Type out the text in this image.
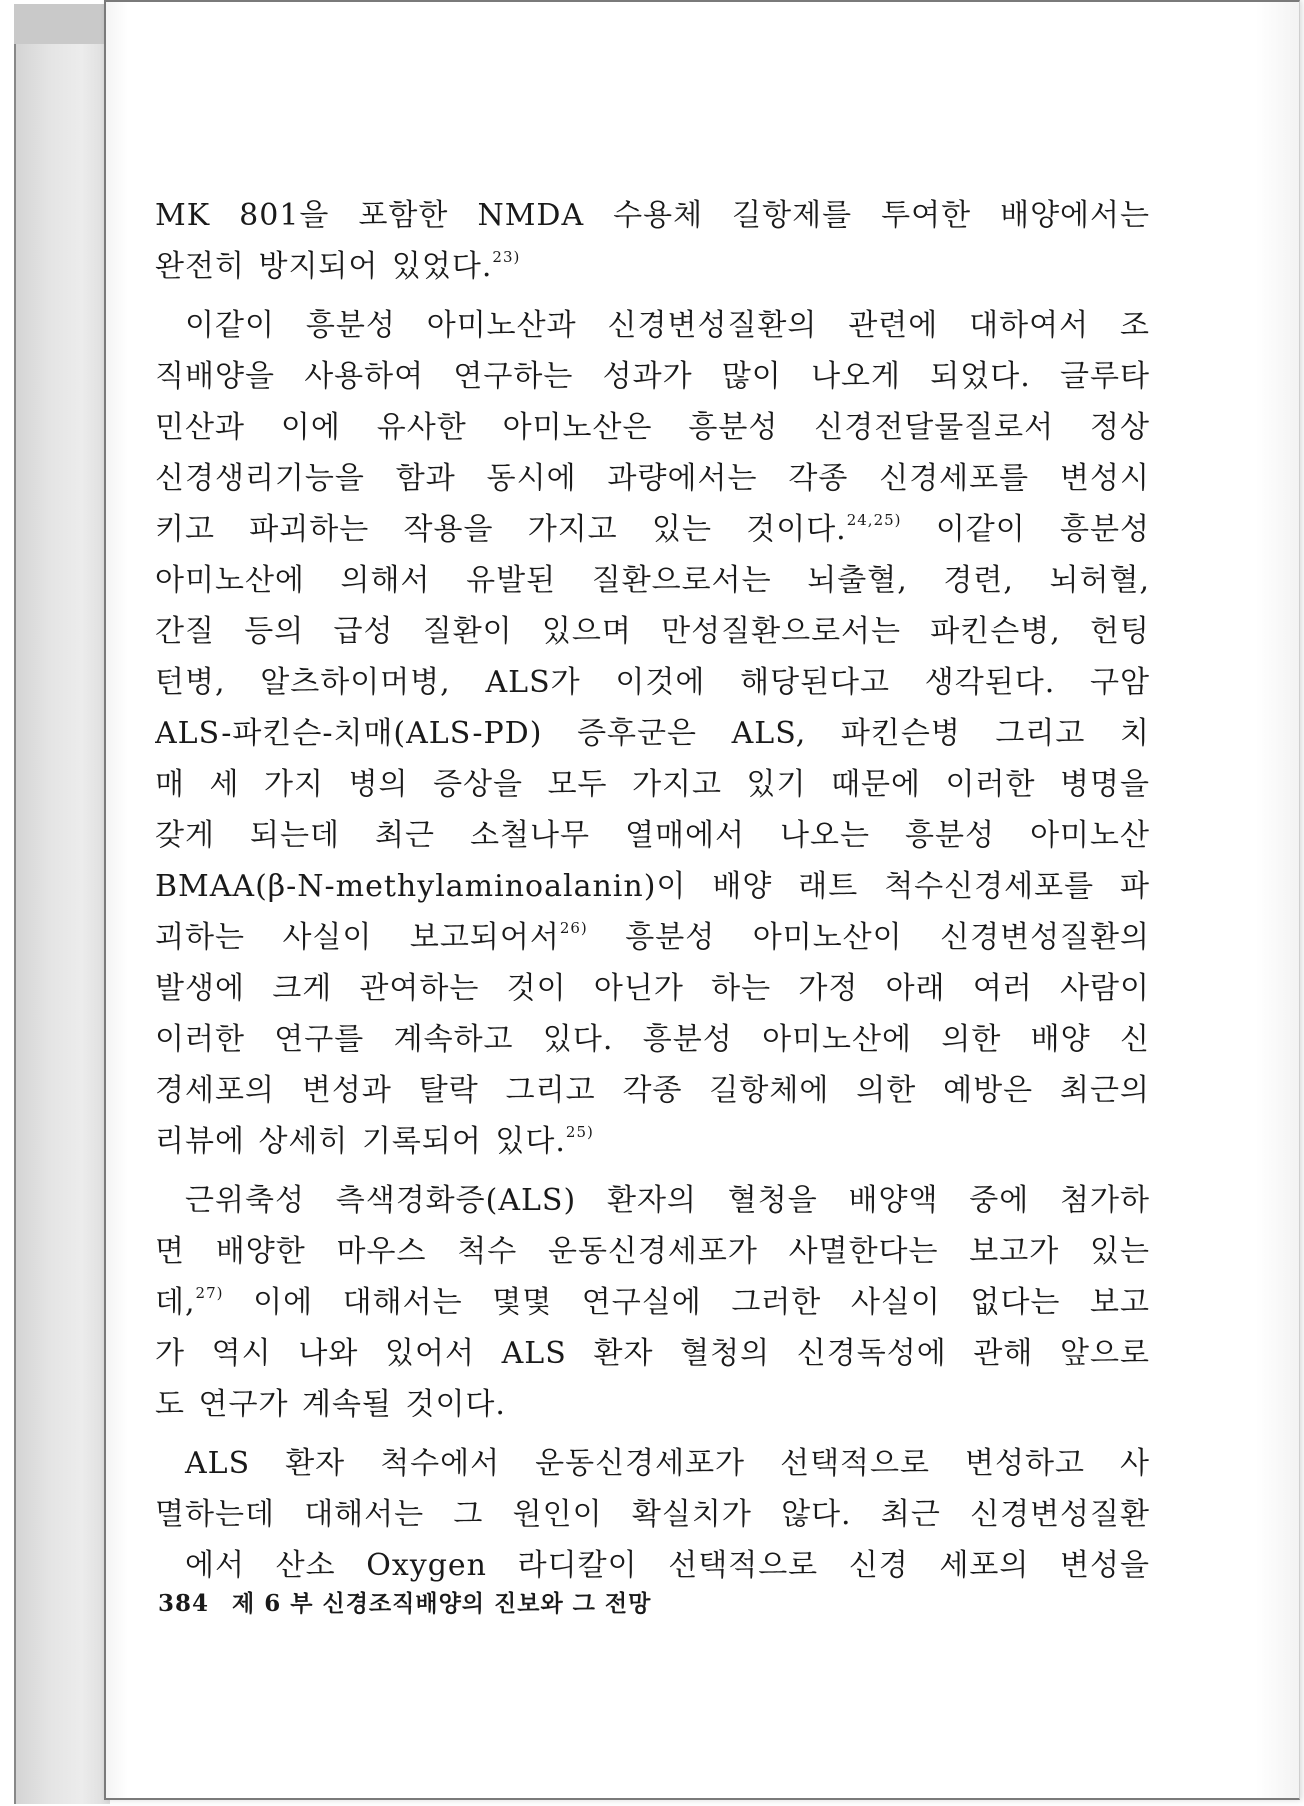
MK 801을 포함한 NMDA 수용체 길항제를 투여한 배양에서는
완전히 방지되어 있었다.$^{23)}$
이같이 흥분성 아미노산과 신경변성질환의 관련에 대하여서 조
직배양을 사용하여 연구하는 성과가 많이 나오게 되었다. 글루타
민산과 이에 유사한 아미노산은 흥분성 신경전달물질로서 정상
신경생리기능을 함과 동시에 과량에서는 각종 신경세포를 변성시
키고 파괴하는 작용을 가지고 있는 것이다.$^{24,25)}$ 이같이 흥분성
아미노산에 의해서 유발된 질환으로서는 뇌출혈, 경련, 뇌허혈,
간질 등의 급성 질환이 있으며 만성질환으로서는 파킨슨병, 헌팅
턴병, 알츠하이머병, ALS가 이것에 해당된다고 생각된다. 구암
ALS-파킨슨-치매(ALS-PD) 증후군은 ALS, 파킨슨병 그리고 치
매 세 가지 병의 증상을 모두 가지고 있기 때문에 이러한 병명을
갖게 되는데 최근 소철나무 열매에서 나오는 흥분성 아미노산
BMAA(β-N-methylaminoalanin)이 배양 래트 척수신경세포를 파
괴하는 사실이 보고되어서$^{26)}$ 흥분성 아미노산이 신경변성질환의
발생에 크게 관여하는 것이 아닌가 하는 가정 아래 여러 사람이
이러한 연구를 계속하고 있다. 흥분성 아미노산에 의한 배양 신
경세포의 변성과 탈락 그리고 각종 길항체에 의한 예방은 최근의
리뷰에 상세히 기록되어 있다.$^{25)}$
근위축성 측색경화증(ALS) 환자의 혈청을 배양액 중에 첨가하
면 배양한 마우스 척수 운동신경세포가 사멸한다는 보고가 있는
데,$^{27)}$ 이에 대해서는 몇몇 연구실에 그러한 사실이 없다는 보고
가 역시 나와 있어서 ALS 환자 혈청의 신경독성에 관해 앞으로
도 연구가 계속될 것이다.
ALS 환자 척수에서 운동신경세포가 선택적으로 변성하고 사
멸하는데 대해서는 그 원인이 확실치가 않다. 최근 신경변성질환
에서 산소 Oxygen 라디칼이 선택적으로 신경 세포의 변성을
384 제 6 부 신경조직배양의 진보와 그 전망
